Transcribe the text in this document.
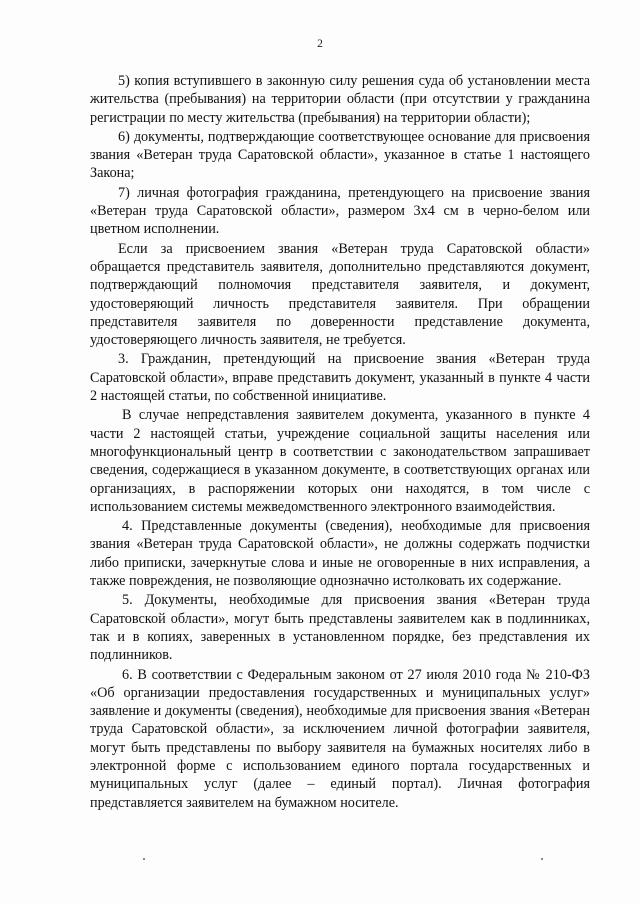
2

5) копия вступившего в законную силу решения суда об установлении места жительства (пребывания) на территории области (при отсутствии у гражданина регистрации по месту жительства (пребывания) на территории области);

6) документы, подтверждающие соответствующее основание для присвоения звания «Ветеран труда Саратовской области», указанное в статье 1 настоящего Закона;

7) личная фотография гражданина, претендующего на присвоение звания «Ветеран труда Саратовской области», размером 3х4 см в черно-белом или цветном исполнении.

Если за присвоением звания «Ветеран труда Саратовской области» обращается представитель заявителя, дополнительно представляются документ, подтверждающий полномочия представителя заявителя, и документ, удостоверяющий личность представителя заявителя. При обращении представителя заявителя по доверенности представление документа, удостоверяющего личность заявителя, не требуется.

3. Гражданин, претендующий на присвоение звания «Ветеран труда Саратовской области», вправе представить документ, указанный в пункте 4 части 2 настоящей статьи, по собственной инициативе.

В случае непредставления заявителем документа, указанного в пункте 4 части 2 настоящей статьи, учреждение социальной защиты населения или многофункциональный центр в соответствии с законодательством запрашивает сведения, содержащиеся в указанном документе, в соответствующих органах или организациях, в распоряжении которых они находятся, в том числе с использованием системы межведомственного электронного взаимодействия.

4. Представленные документы (сведения), необходимые для присвоения звания «Ветеран труда Саратовской области», не должны содержать подчистки либо приписки, зачеркнутые слова и иные не оговоренные в них исправления, а также повреждения, не позволяющие однозначно истолковать их содержание.

5. Документы, необходимые для присвоения звания «Ветеран труда Саратовской области», могут быть представлены заявителем как в подлинниках, так и в копиях, заверенных в установленном порядке, без представления их подлинников.

6. В соответствии с Федеральным законом от 27 июля 2010 года № 210-ФЗ «Об организации предоставления государственных и муниципальных услуг» заявление и документы (сведения), необходимые для присвоения звания «Ветеран труда Саратовской области», за исключением личной фотографии заявителя, могут быть представлены по выбору заявителя на бумажных носителях либо в электронной форме с использованием единого портала государственных и муниципальных услуг (далее – единый портал). Личная фотография представляется заявителем на бумажном носителе.
